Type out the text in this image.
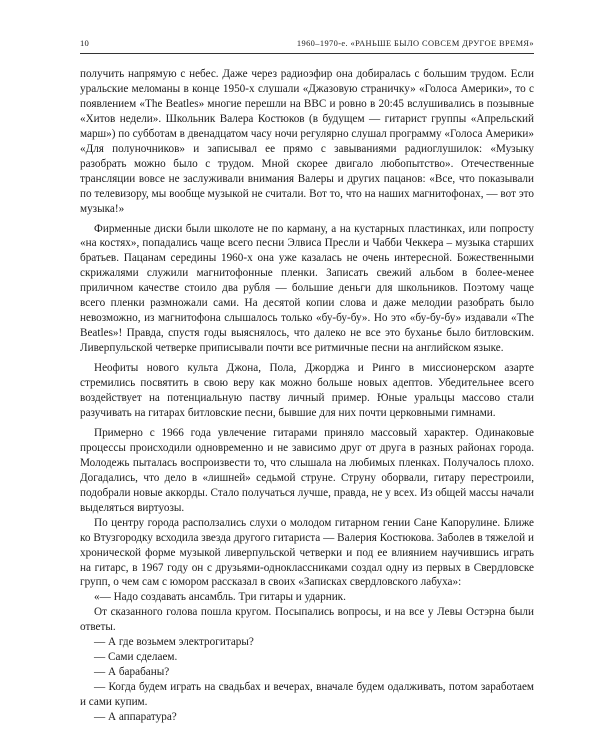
10	1960–1970-е. «РАНЬШЕ БЫЛО СОВСЕМ ДРУГОЕ ВРЕМЯ»

получить напрямую с небес. Даже через радиоэфир она добиралась с большим трудом. Если уральские меломаны в конце 1950-х слушали «Джазовую страничку» «Голоса Америки», то с появлением «The Beatles» многие перешли на ВВС и ровно в 20:45 вслушивались в позывные «Хитов недели». Школьник Валера Костюков (в будущем — гитарист группы «Апрельский марш») по субботам в двенадцатом часу ночи регулярно слушал программу «Голоса Америки» «Для полуночников» и записывал ее прямо с завываниями радиоглушилок: «Музыку разобрать можно было с трудом. Мной скорее двигало любопытство». Отечественные трансляции вовсе не заслуживали внимания Валеры и других пацанов: «Все, что показывали по телевизору, мы вообще музыкой не считали. Вот то, что на наших магнитофонах, — вот это музыка!»

Фирменные диски были школоте не по карману, а на кустарных пластинках, или попросту «на костях», попадались чаще всего песни Элвиса Пресли и Чабби Чеккера – музыка старших братьев. Пацанам середины 1960-х она уже казалась не очень интересной. Божественными скрижалями служили магнитофонные пленки. Записать свежий альбом в более-менее приличном качестве стоило два рубля — большие деньги для школьников. Поэтому чаще всего пленки размножали сами. На десятой копии слова и даже мелодии разобрать было невозможно, из магнитофона слышалось только «бу-бу-бу». Но это «бу-бу-бу» издавали «The Beatles»! Правда, спустя годы выяснялось, что далеко не все это буханье было битловским. Ливерпульской четверке приписывали почти все ритмичные песни на английском языке.

Неофиты нового культа Джона, Пола, Джорджа и Ринго в миссионерском азарте стремились посвятить в свою веру как можно больше новых адептов. Убедительнее всего воздействует на потенциальную паству личный пример. Юные уральцы массово стали разучивать на гитарах битловские песни, бывшие для них почти церковными гимнами.

Примерно с 1966 года увлечение гитарами приняло массовый характер. Одинаковые процессы происходили одновременно и не зависимо друг от друга в разных районах города. Молодежь пыталась воспроизвести то, что слышала на любимых пленках. Получалось плохо. Догадались, что дело в «лишней» седьмой струне. Струну оборвали, гитару перестроили, подобрали новые аккорды. Стало получаться лучше, правда, не у всех. Из общей массы начали выделяться виртуозы.

По центру города расползались слухи о молодом гитарном гении Сане Капорулине. Ближе ко Втузгородку всходила звезда другого гитариста — Валерия Костюкова. Заболев в тяжелой и хронической форме музыкой ливерпульской четверки и под ее влиянием научившись играть на гитарс, в 1967 году он с друзьями-одноклассниками создал одну из первых в Свердловске групп, о чем сам с юмором рассказал в своих «Записках свердловского лабуха»:

«— Надо создавать ансамбль. Три гитары и ударник.

От сказанного голова пошла кругом. Посыпались вопросы, и на все у Левы Остэрна были ответы.

— А где возьмем электрогитары?

— Сами сделаем.

— А барабаны?

— Когда будем играть на свадьбах и вечерах, вначале будем одалживать, потом заработаем и сами купим.

— А аппаратура?
